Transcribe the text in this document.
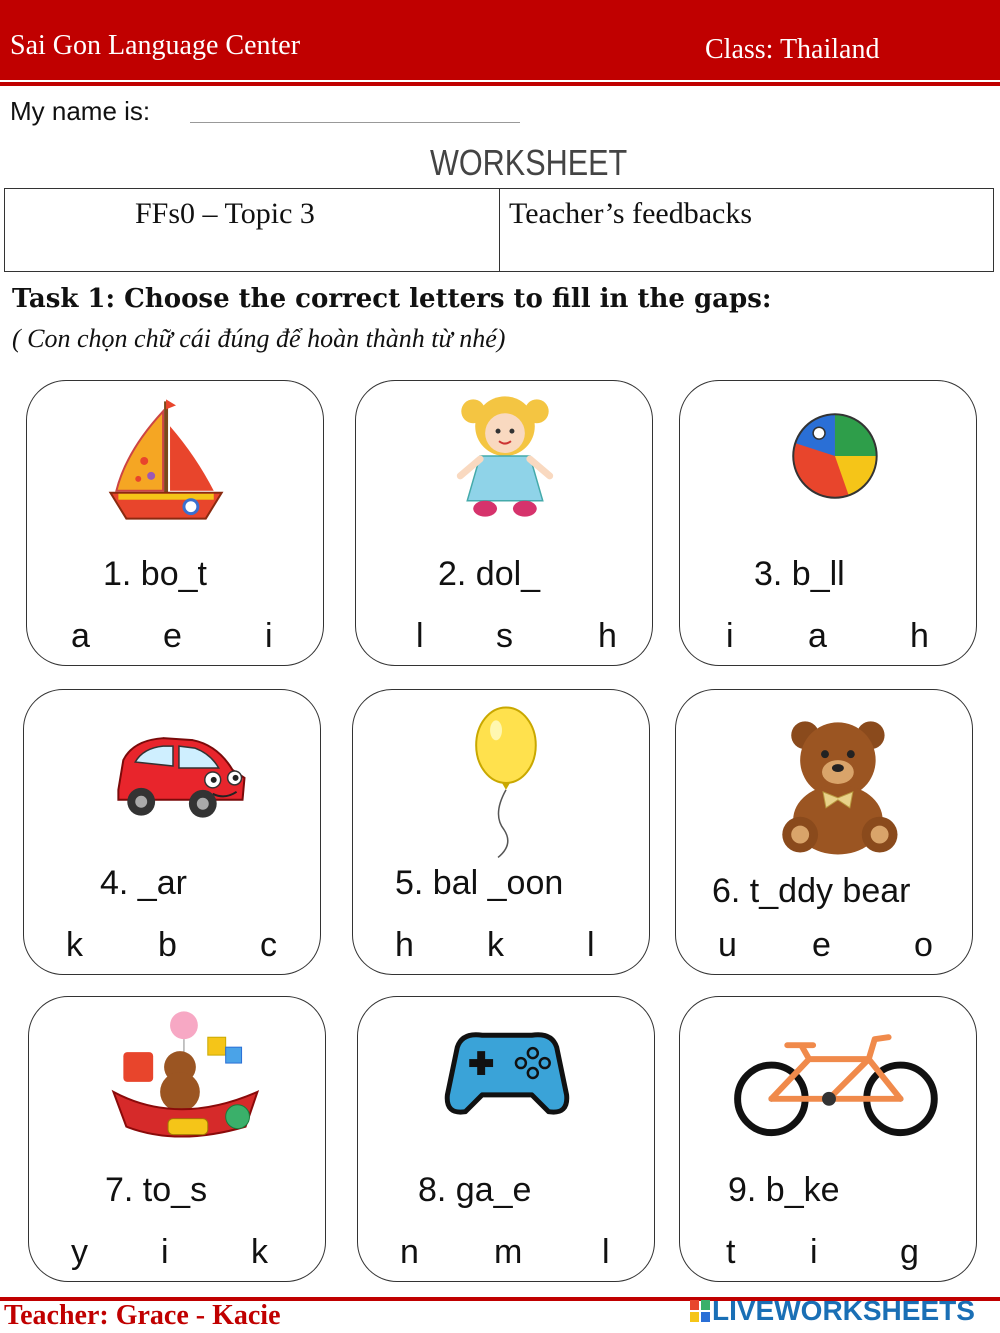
Sai Gon Language Center	Class: Thailand
My name is:
WORKSHEET
FFs0 – Topic 3	Teacher’s feedbacks
Task 1: Choose the correct letters to fill in the gaps:
( Con chọn chữ cái đúng để hoàn thành từ nhé)
1. bo_t
a e i
2. dol_
l s	h
3. b_ll
i a h
4. _ar
k b c
5. bal _oon
h k l
6. t_ddy bear
u e o
7. to_s
y i k
8. ga_e
n m l
9. b_ke
t i g
Teacher: Grace - Kacie	LIVEWORKSHEETS
